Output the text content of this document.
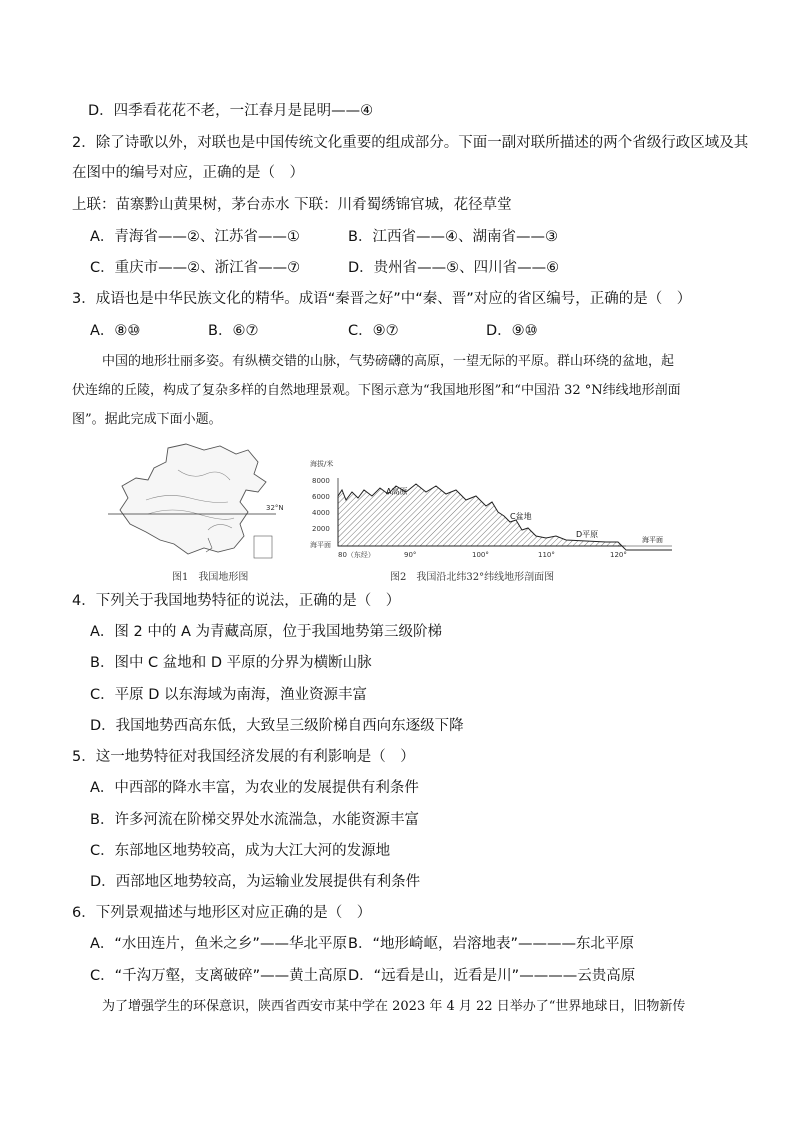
D．四季看花花不老，一江春月是昆明——④
2．除了诗歌以外，对联也是中国传统文化重要的组成部分。下面一副对联所描述的两个省级行政区域及其
在图中的编号对应，正确的是（　）
上联：苗寨黔山黄果树，茅台赤水 下联：川肴蜀绣锦官城，花径草堂
A．青海省——②、江苏省——①	B．江西省——④、湖南省——③
C．重庆市——②、浙江省——⑦	D．贵州省——⑤、四川省——⑥
3．成语也是中华民族文化的精华。成语“秦晋之好”中“秦、晋”对应的省区编号，正确的是（　）
A．⑧⑩	B．⑥⑦	C．⑨⑦	D．⑨⑩
中国的地形壮丽多姿。有纵横交错的山脉，气势磅礴的高原，一望无际的平原。群山环绕的盆地，起
伏连绵的丘陵，构成了复杂多样的自然地理景观。下图示意为“我国地形图”和“中国沿 32 °N纬线地形剖面
图”。据此完成下面小题。
32°N
海拔/米
8000
6000
4000
2000
海平面
A高原
C盆地
D平原
海平面
80（东经）	90°	100°	110°	120°
图1　我国地形图	图2　我国沿北纬32°纬线地形剖面图
4．下列关于我国地势特征的说法，正确的是（　）
A．图 2 中的 A 为青藏高原，位于我国地势第三级阶梯
B．图中 C 盆地和 D 平原的分界为横断山脉
C．平原 D 以东海域为南海，渔业资源丰富
D．我国地势西高东低，大致呈三级阶梯自西向东逐级下降
5．这一地势特征对我国经济发展的有利影响是（　）
A．中西部的降水丰富，为农业的发展提供有利条件
B．许多河流在阶梯交界处水流湍急，水能资源丰富
C．东部地区地势较高，成为大江大河的发源地
D．西部地区地势较高，为运输业发展提供有利条件
6．下列景观描述与地形区对应正确的是（　）
A．“水田连片，鱼米之乡”——华北平原 B．“地形崎岖，岩溶地表”————东北平原
C．“千沟万壑，支离破碎”——黄土高原 D．“远看是山，近看是川”————云贵高原
为了增强学生的环保意识，陕西省西安市某中学在 2023 年 4 月 22 日举办了“世界地球日，旧物新传
